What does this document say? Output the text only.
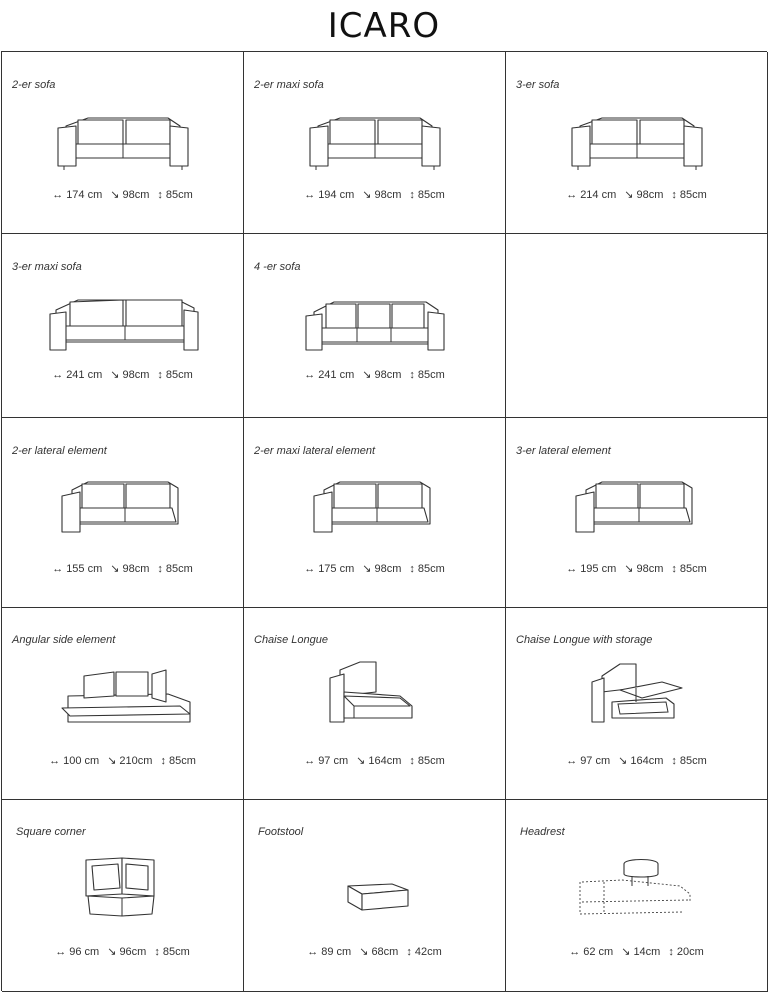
ICARO
2-er sofa
↔ 174 cm ↘ 98cm ↕ 85cm
2-er maxi sofa
↔ 194 cm ↘ 98cm ↕ 85cm
3-er sofa
↔ 214 cm ↘ 98cm ↕ 85cm
3-er maxi sofa
↔ 241 cm ↘ 98cm ↕ 85cm
4 -er sofa
↔ 241 cm ↘ 98cm ↕ 85cm
2-er lateral element
↔ 155 cm ↘ 98cm ↕ 85cm
2-er maxi lateral element
↔ 175 cm ↘ 98cm ↕ 85cm
3-er lateral element
↔ 195 cm ↘ 98cm ↕ 85cm
Angular side element
↔ 100 cm ↘ 210cm ↕ 85cm
Chaise Longue
↔ 97 cm ↘ 164cm ↕ 85cm
Chaise Longue with storage
↔ 97 cm ↘ 164cm ↕ 85cm
Square corner
↔ 96 cm ↘ 96cm ↕ 85cm
Footstool
↔ 89 cm ↘ 68cm ↕ 42cm
Headrest
↔ 62 cm ↘ 14cm ↕ 20cm
